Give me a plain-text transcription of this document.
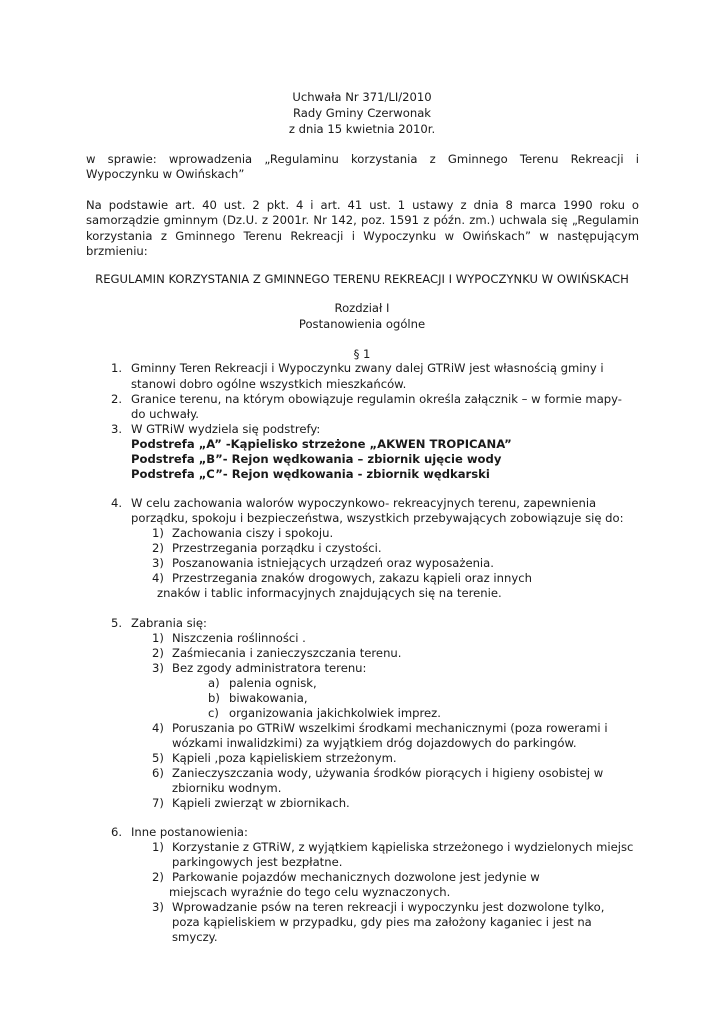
Uchwała Nr 371/LI/2010
Rady Gminy Czerwonak
z dnia 15 kwietnia 2010r.
w sprawie: wprowadzenia „Regulaminu korzystania z Gminnego Terenu Rekreacji i
Wypoczynku w Owińskach”
Na podstawie art. 40 ust. 2 pkt. 4 i art. 41 ust. 1 ustawy z dnia 8 marca 1990 roku o
samorządzie gminnym (Dz.U. z 2001r. Nr 142, poz. 1591 z późn. zm.) uchwala się „Regulamin
korzystania z Gminnego Terenu Rekreacji i Wypoczynku w Owińskach” w następującym
brzmieniu:
REGULAMIN KORZYSTANIA Z GMINNEGO TERENU REKREACJI I WYPOCZYNKU W OWIŃSKACH
Rozdział I
Postanowienia ogólne
§ 1
1. Gminny Teren Rekreacji i Wypoczynku zwany dalej GTRiW jest własnością gminy i
stanowi dobro ogólne wszystkich mieszkańców.
2. Granice terenu, na którym obowiązuje regulamin określa załącznik – w formie mapy-
do uchwały.
3. W GTRiW wydziela się podstrefy:
Podstrefa „A” -Kąpielisko strzeżone „AKWEN TROPICANA”
Podstrefa „B”- Rejon wędkowania – zbiornik ujęcie wody
Podstrefa „C”- Rejon wędkowania - zbiornik wędkarski
4. W celu zachowania walorów wypoczynkowo- rekreacyjnych terenu, zapewnienia
porządku, spokoju i bezpieczeństwa, wszystkich przebywających zobowiązuje się do:
1) Zachowania ciszy i spokoju.
2) Przestrzegania porządku i czystości.
3) Poszanowania istniejących urządzeń oraz wyposażenia.
4) Przestrzegania znaków drogowych, zakazu kąpieli oraz innych
znaków i tablic informacyjnych znajdujących się na terenie.
5. Zabrania się:
1) Niszczenia roślinności .
2) Zaśmiecania i zanieczyszczania terenu.
3) Bez zgody administratora terenu:
a) palenia ognisk,
b) biwakowania,
c) organizowania jakichkolwiek imprez.
4) Poruszania po GTRiW wszelkimi środkami mechanicznymi (poza rowerami i
wózkami inwalidzkimi) za wyjątkiem dróg dojazdowych do parkingów.
5) Kąpieli ,poza kąpieliskiem strzeżonym.
6) Zanieczyszczania wody, używania środków piorących i higieny osobistej w
zbiorniku wodnym.
7) Kąpieli zwierząt w zbiornikach.
6. Inne postanowienia:
1) Korzystanie z GTRiW, z wyjątkiem kąpieliska strzeżonego i wydzielonych miejsc
parkingowych jest bezpłatne.
2) Parkowanie pojazdów mechanicznych dozwolone jest jedynie w
miejscach wyraźnie do tego celu wyznaczonych.
3) Wprowadzanie psów na teren rekreacji i wypoczynku jest dozwolone tylko,
poza kąpieliskiem w przypadku, gdy pies ma założony kaganiec i jest na
smyczy.
